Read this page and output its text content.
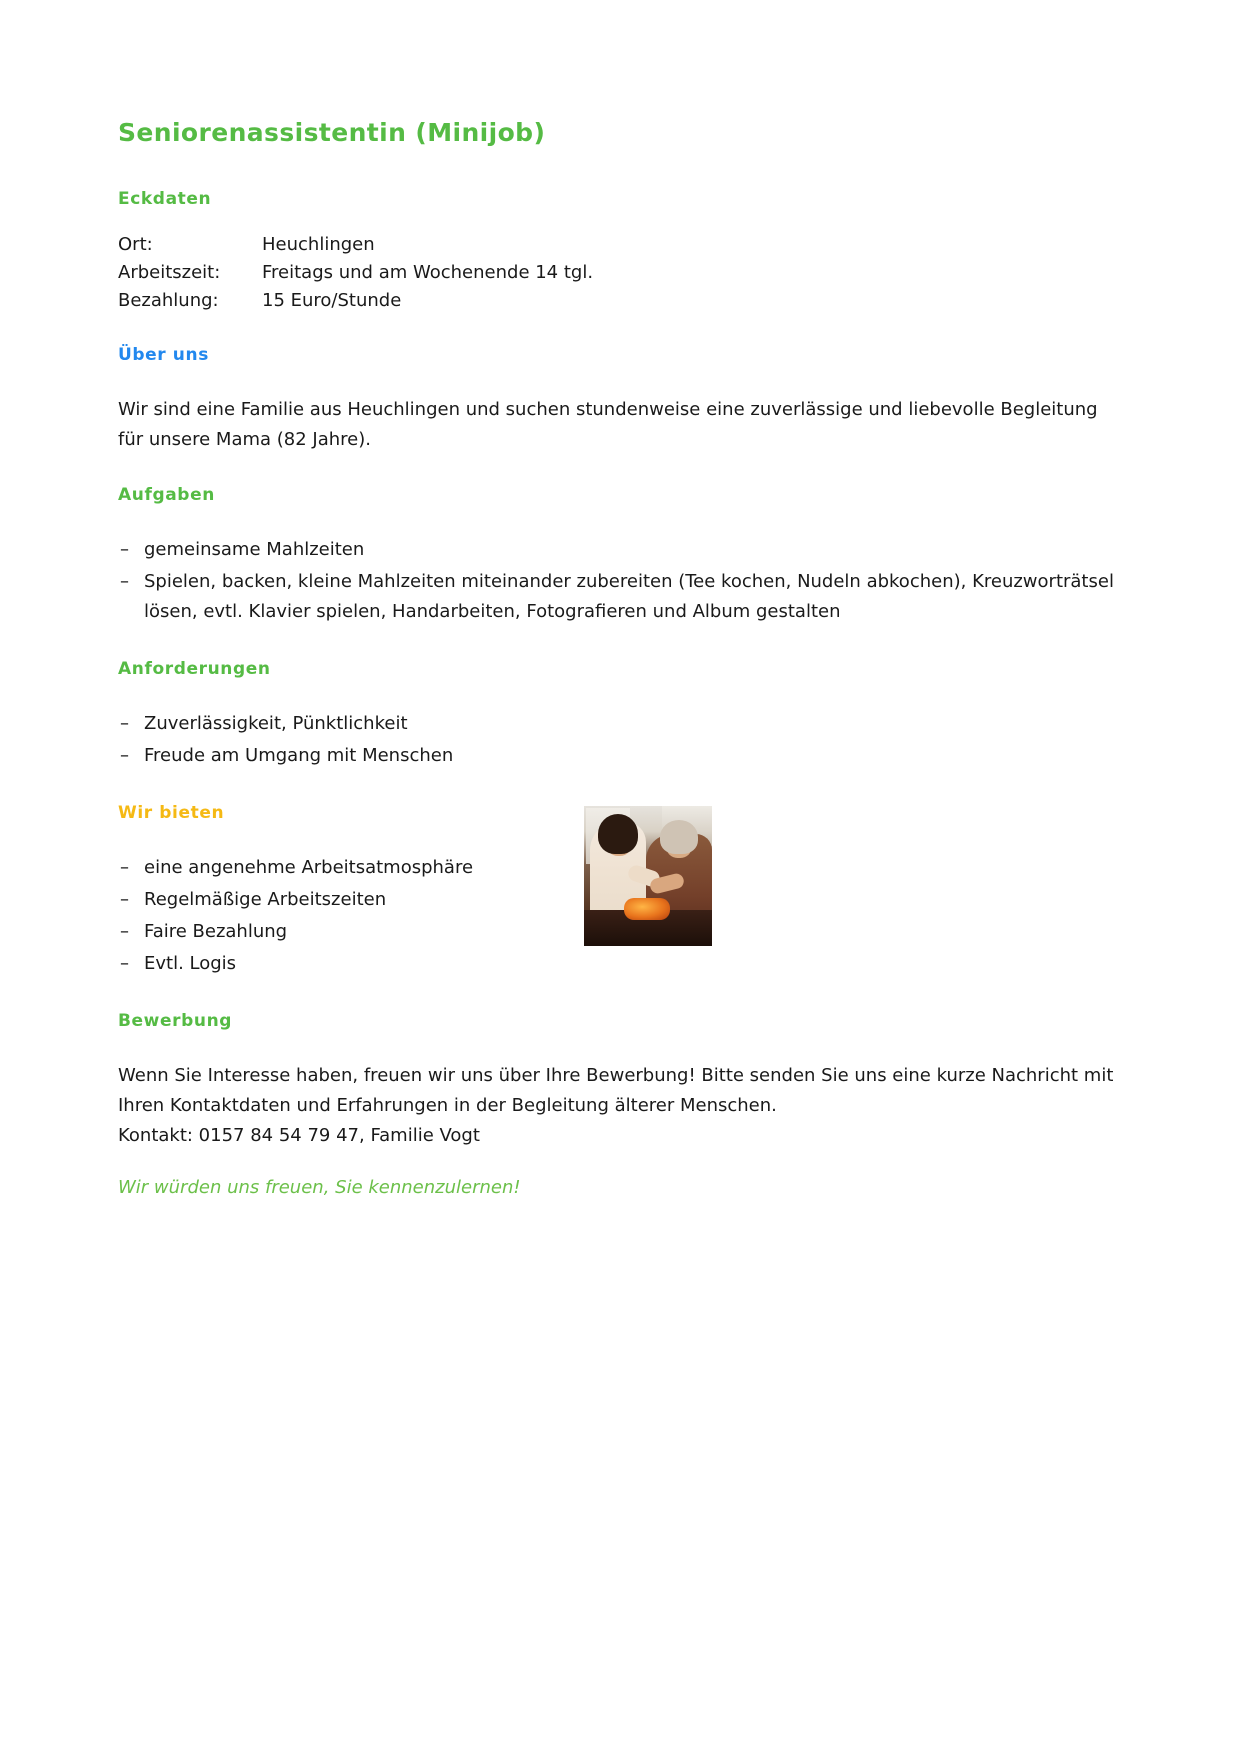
Seniorenassistentin (Minijob)
Eckdaten
Ort:	Heuchlingen
Arbeitszeit:	Freitags und am Wochenende 14 tgl.
Bezahlung:	15 Euro/Stunde
Über uns

Wir sind eine Familie aus Heuchlingen und suchen stundenweise eine zuverlässige und liebevolle Begleitung für unsere Mama (82 Jahre).

Aufgaben
– gemeinsame Mahlzeiten
– Spielen, backen, kleine Mahlzeiten miteinander zubereiten (Tee kochen, Nudeln abkochen), Kreuzworträtsel lösen, evtl. Klavier spielen, Handarbeiten, Fotografieren und Album gestalten
Anforderungen
– Zuverlässigkeit, Pünktlichkeit
– Freude am Umgang mit Menschen
Wir bieten
– eine angenehme Arbeitsatmosphäre
– Regelmäßige Arbeitszeiten
– Faire Bezahlung
– Evtl. Logis
Bewerbung

Wenn Sie Interesse haben, freuen wir uns über Ihre Bewerbung! Bitte senden Sie uns eine kurze Nachricht mit Ihren Kontaktdaten und Erfahrungen in der Begleitung älterer Menschen.

Kontakt: 0157 84 54 79 47, Familie Vogt

Wir würden uns freuen, Sie kennenzulernen!
